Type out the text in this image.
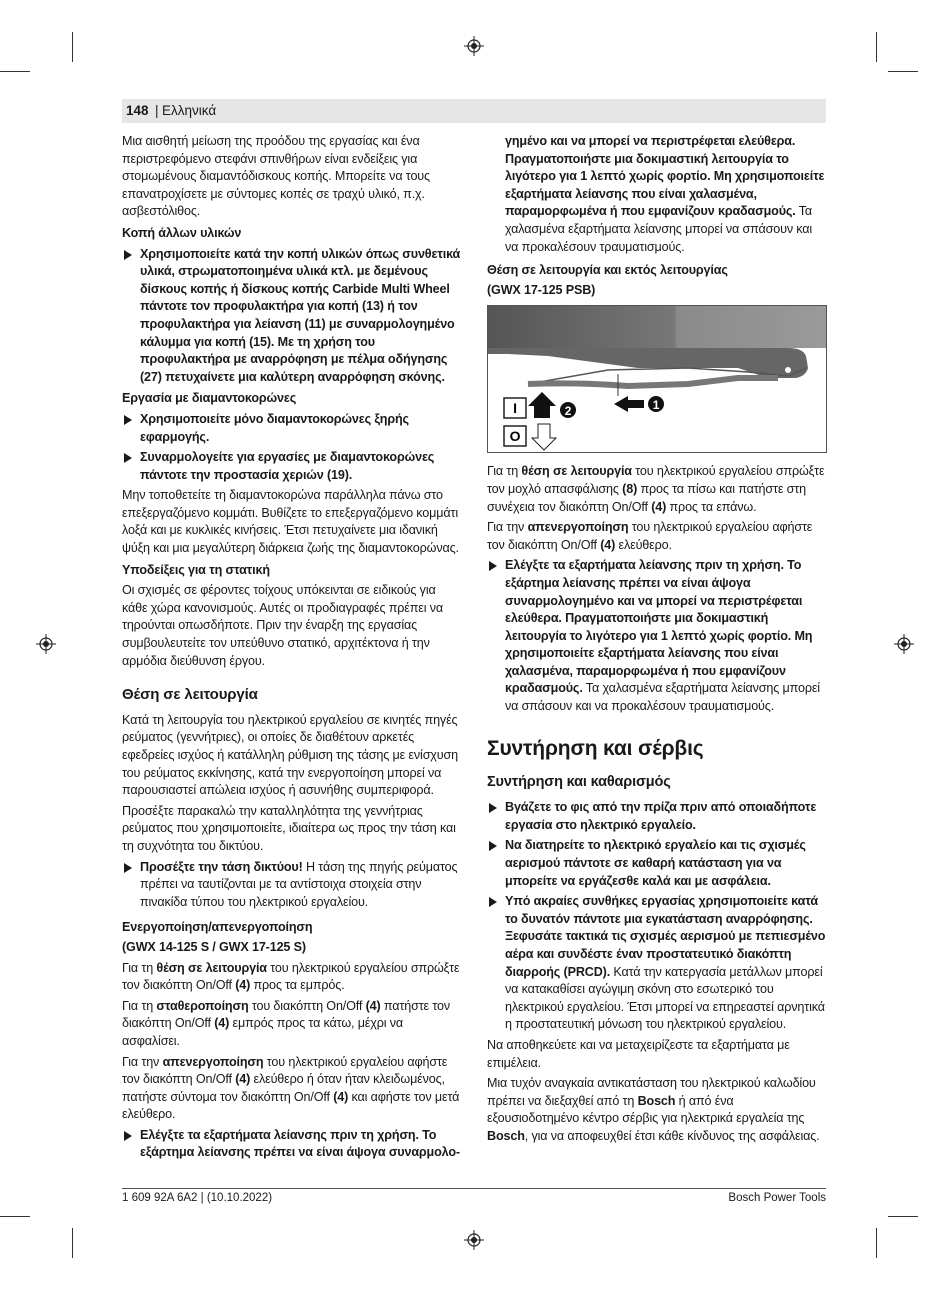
148 | Ελληνικά

Μια αισθητή μείωση της προόδου της εργασίας και ένα περιστρεφόμενο στεφάνι σπινθήρων είναι ενδείξεις για στομωμένους διαμαντόδισκους κοπής. Μπορείτε να τους επανατροχίσετε με σύντομες κοπές σε τραχύ υλικό, π.χ. ασβεστόλιθος.

Κοπή άλλων υλικών
Χρησιμοποιείτε κατά την κοπή υλικών όπως συνθετικά υλικά, στρωματοποιημένα υλικά κτλ. με δεμένους δίσκους κοπής ή δίσκους κοπής Carbide Multi Wheel πάντοτε τον προφυλακτήρα για κοπή (13) ή τον προφυλακτήρα για λείανση (11) με συναρμολογημένο κάλυμμα για κοπή (15). Με τη χρήση του προφυλακτήρα με αναρρόφηση με πέλμα οδήγησης (27) πετυχαίνετε μια καλύτερη αναρρόφηση σκόνης.
Εργασία με διαμαντοκορώνες
Χρησιμοποιείτε μόνο διαμαντοκορώνες ξηρής εφαρμογής.
Συναρμολογείτε για εργασίες με διαμαντοκορώνες πάντοτε την προστασία χεριών (19).

Μην τοποθετείτε τη διαμαντοκορώνα παράλληλα πάνω στο επεξεργαζόμενο κομμάτι. Βυθίζετε το επεξεργαζόμενο κομμάτι λοξά και με κυκλικές κινήσεις. Έτσι πετυχαίνετε μια ιδανική ψύξη και μια μεγαλύτερη διάρκεια ζωής της διαμαντοκορώνας.

Υποδείξεις για τη στατική

Οι σχισμές σε φέροντες τοίχους υπόκεινται σε ειδικούς για κάθε χώρα κανονισμούς. Αυτές οι προδιαγραφές πρέπει να τηρούνται οπωσδήποτε. Πριν την έναρξη της εργασίας συμβουλευτείτε τον υπεύθυνο στατικό, αρχιτέκτονα ή την αρμόδια διεύθυνση έργου.

Θέση σε λειτουργία

Κατά τη λειτουργία του ηλεκτρικού εργαλείου σε κινητές πηγές ρεύματος (γεννήτριες), οι οποίες δε διαθέτουν αρκετές εφεδρείες ισχύος ή κατάλληλη ρύθμιση της τάσης με ενίσχυση του ρεύματος εκκίνησης, κατά την ενεργοποίηση μπορεί να παρουσιαστεί απώλεια ισχύος ή ασυνήθης συμπεριφορά.

Προσέξτε παρακαλώ την καταλληλότητα της γεννήτριας ρεύματος που χρησιμοποιείτε, ιδιαίτερα ως προς την τάση και τη συχνότητα του δικτύου.

Προσέξτε την τάση δικτύου! Η τάση της πηγής ρεύματος πρέπει να ταυτίζονται με τα αντίστοιχα στοιχεία στην πινακίδα τύπου του ηλεκτρικού εργαλείου.
Ενεργοποίηση/απενεργοποίηση
(GWX 14-125 S / GWX 17-125 S)

Για τη θέση σε λειτουργία του ηλεκτρικού εργαλείου σπρώξτε τον διακόπτη On/Off (4) προς τα εμπρός.

Για τη σταθεροποίηση του διακόπτη On/Off (4) πατήστε τον διακόπτη On/Off (4) εμπρός προς τα κάτω, μέχρι να ασφαλίσει.

Για την απενεργοποίηση του ηλεκτρικού εργαλείου αφήστε τον διακόπτη On/Off (4) ελεύθερο ή όταν ήταν κλειδωμένος, πατήστε σύντομα τον διακόπτη On/Off (4) και αφήστε τον μετά ελεύθερο.

Ελέγξτε τα εξαρτήματα λείανσης πριν τη χρήση. Το εξάρτημα λείανσης πρέπει να είναι άψογα συναρμολο-
γημένο και να μπορεί να περιστρέφεται ελεύθερα. Πραγματοποιήστε μια δοκιμαστική λειτουργία το λιγότερο για 1 λεπτό χωρίς φορτίο. Μη χρησιμοποιείτε εξαρτήματα λείανσης που είναι χαλασμένα, παραμορφωμένα ή που εμφανίζουν κραδασμούς. Τα χαλασμένα εξαρτήματα λείανσης μπορεί να σπάσουν και να προκαλέσουν τραυματισμούς.
Θέση σε λειτουργία και εκτός λειτουργίας
(GWX 17-125 PSB)
I	2	1
O

Για τη θέση σε λειτουργία του ηλεκτρικού εργαλείου σπρώξτε τον μοχλό απασφάλισης (8) προς τα πίσω και πατήστε στη συνέχεια τον διακόπτη On/Off (4) προς τα επάνω.

Για την απενεργοποίηση του ηλεκτρικού εργαλείου αφήστε τον διακόπτη On/Off (4) ελεύθερο.

Ελέγξτε τα εξαρτήματα λείανσης πριν τη χρήση. Το εξάρτημα λείανσης πρέπει να είναι άψογα συναρμολογημένο και να μπορεί να περιστρέφεται ελεύθερα. Πραγματοποιήστε μια δοκιμαστική λειτουργία το λιγότερο για 1 λεπτό χωρίς φορτίο. Μη χρησιμοποιείτε εξαρτήματα λείανσης που είναι χαλασμένα, παραμορφωμένα ή που εμφανίζουν κραδασμούς. Τα χαλασμένα εξαρτήματα λείανσης μπορεί να σπάσουν και να προκαλέσουν τραυματισμούς.
Συντήρηση και σέρβις
Συντήρηση και καθαρισμός
Βγάζετε το φις από την πρίζα πριν από οποιαδήποτε εργασία στο ηλεκτρικό εργαλείο.
Να διατηρείτε το ηλεκτρικό εργαλείο και τις σχισμές αερισμού πάντοτε σε καθαρή κατάσταση για να μπορείτε να εργάζεσθε καλά και με ασφάλεια.
Υπό ακραίες συνθήκες εργασίας χρησιμοποιείτε κατά το δυνατόν πάντοτε μια εγκατάσταση αναρρόφησης. Ξεφυσάτε τακτικά τις σχισμές αερισμού με πεπιεσμένο αέρα και συνδέστε έναν προστατευτικό διακόπτη διαρροής (PRCD). Κατά την κατεργασία μετάλλων μπορεί να κατακαθίσει αγώγιμη σκόνη στο εσωτερικό του ηλεκτρικού εργαλείου. Έτσι μπορεί να επηρεαστεί αρνητικά η προστατευτική μόνωση του ηλεκτρικού εργαλείου.

Να αποθηκεύετε και να μεταχειρίζεστε τα εξαρτήματα με επιμέλεια.

Μια τυχόν αναγκαία αντικατάσταση του ηλεκτρικού καλωδίου πρέπει να διεξαχθεί από τη Bosch ή από ένα εξουσιοδοτημένο κέντρο σέρβις για ηλεκτρικά εργαλεία της Bosch, για να αποφευχθεί έτσι κάθε κίνδυνος της ασφάλειας.

1 609 92A 6A2 | (10.10.2022)	Bosch Power Tools
